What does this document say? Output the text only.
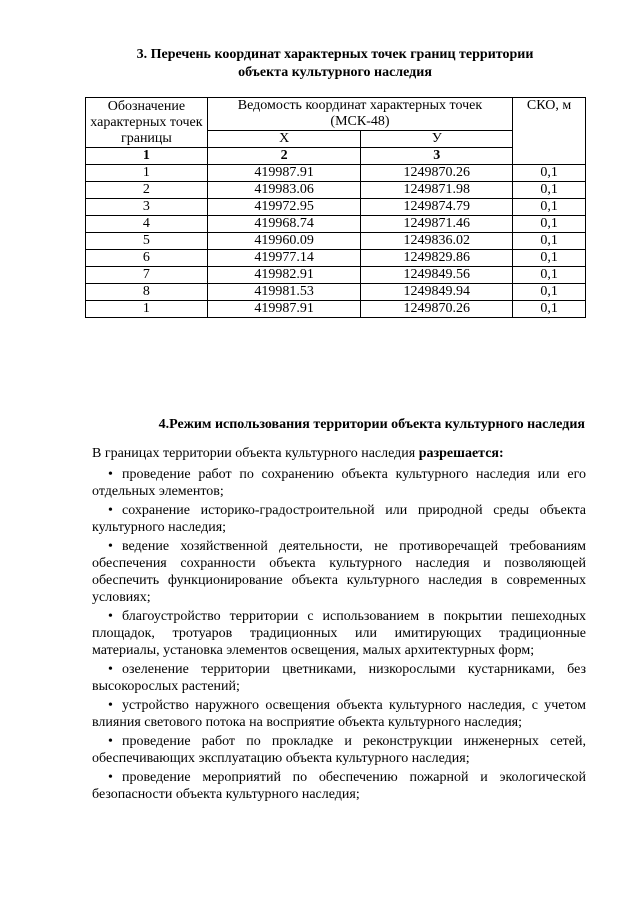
3. Перечень координат характерных точек границ территории
объекта культурного наследия
Обозначение характерных точек границы	Ведомость координат характерных точек (МСК-48)		СКО, м
	Х	У	
1	2	3	
1	419987.91	1249870.26	0,1
2	419983.06	1249871.98	0,1
3	419972.95	1249874.79	0,1
4	419968.74	1249871.46	0,1
5	419960.09	1249836.02	0,1
6	419977.14	1249829.86	0,1
7	419982.91	1249849.56	0,1
8	419981.53	1249849.94	0,1
1	419987.91	1249870.26	0,1
4.Режим использования территории объекта культурного наследия

В границах территории объекта культурного наследия разрешается:

• проведение работ по сохранению объекта культурного наследия или его отдельных элементов;

• сохранение историко-градостроительной или природной среды объекта культурного наследия;

• ведение хозяйственной деятельности, не противоречащей требованиям обеспечения сохранности объекта культурного наследия и позволяющей обеспечить функционирование объекта культурного наследия в современных условиях;

• благоустройство территории с использованием в покрытии пешеходных площадок, тротуаров традиционных или имитирующих традиционные материалы, установка элементов освещения, малых архитектурных форм;

• озеленение территории цветниками, низкорослыми кустарниками, без высокорослых растений;

• устройство наружного освещения объекта культурного наследия, с учетом влияния светового потока на восприятие объекта культурного наследия;

• проведение работ по прокладке и реконструкции инженерных сетей, обеспечивающих эксплуатацию объекта культурного наследия;

• проведение мероприятий по обеспечению пожарной и экологической безопасности объекта культурного наследия;
